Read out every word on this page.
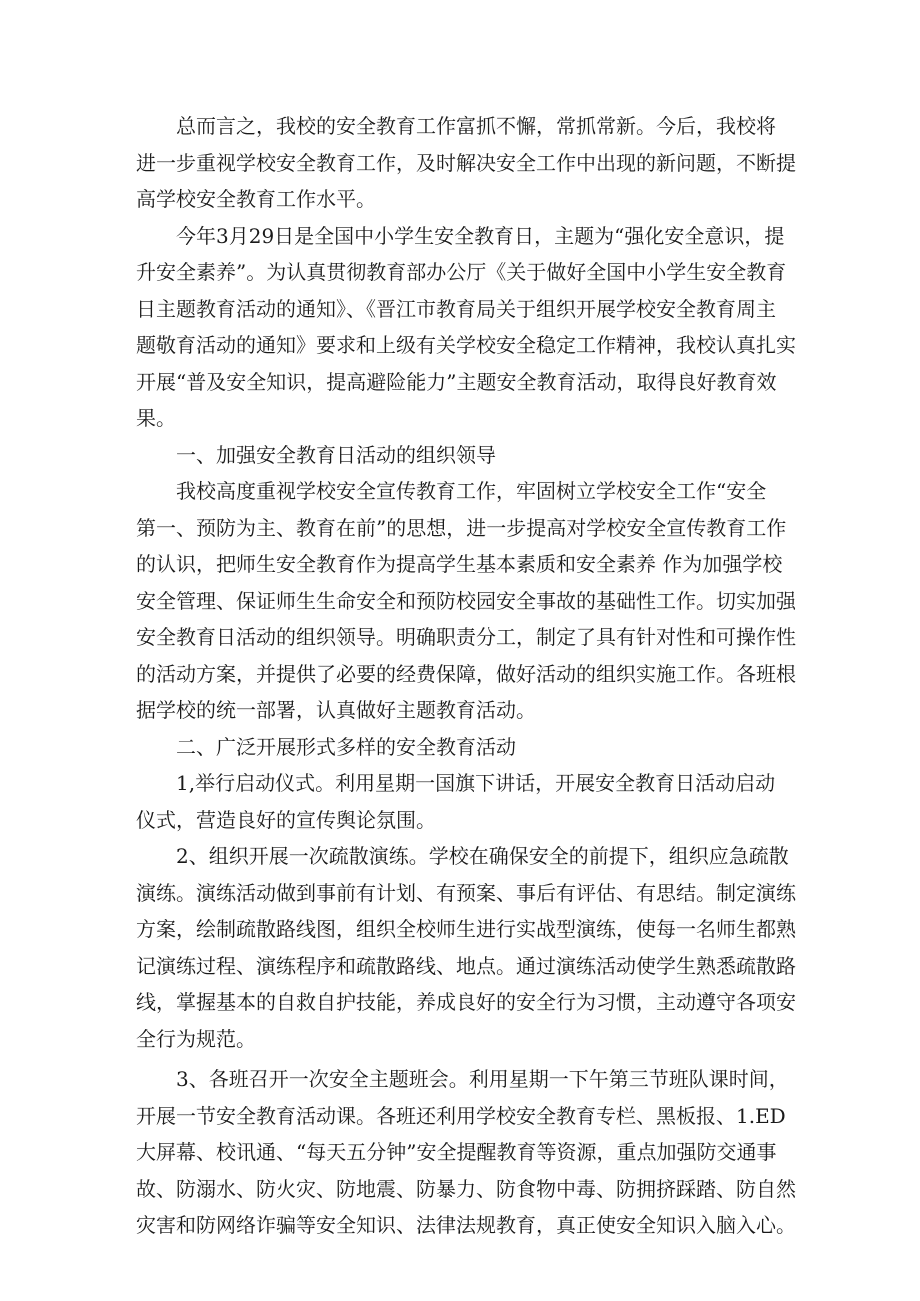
总而言之，我校的安全教育工作富抓不懈，常抓常新。今后，我校将
进一步重视学校安全教育工作，及时解决安全工作中出现的新问题，不断提
高学校安全教育工作水平。
今年3月29日是全国中小学生安全教育日，主题为“强化安全意识，提
升安全素养”。为认真贯彻教育部办公厅《关于做好全国中小学生安全教育
日主题教育活动的通知》、《晋江市教育局关于组织开展学校安全教育周主
题敬育活动的通知》要求和上级有关学校安全稳定工作精神，我校认真扎实
开展“普及安全知识，提高避险能力”主题安全教育活动，取得良好教育效
果。
一、加强安全教育日活动的组织领导
我校高度重视学校安全宣传教育工作，牢固树立学校安全工作“安全
第一、预防为主、教育在前”的思想，进一步提高对学校安全宣传教育工作
的认识，把师生安全教育作为提高学生基本素质和安全素养 作为加强学校
安全管理、保证师生生命安全和预防校园安全事故的基础性工作。切实加强
安全教育日活动的组织领导。明确职责分工，制定了具有针对性和可操作性
的活动方案，并提供了必要的经费保障，做好活动的组织实施工作。各班根
据学校的统一部署，认真做好主题教育活动。
二、广泛开展形式多样的安全教育活动
1,举行启动仪式。利用星期一国旗下讲话，开展安全教育日活动启动
仪式，营造良好的宣传舆论氛围。
2、组织开展一次疏散演练。学校在确保安全的前提下，组织应急疏散
演练。演练活动做到事前有计划、有预案、事后有评估、有思结。制定演练
方案，绘制疏散路线图，组织全校师生进行实战型演练，使每一名师生都熟
记演练过程、演练程序和疏散路线、地点。通过演练活动使学生熟悉疏散路
线，掌握基本的自救自护技能，养成良好的安全行为习惯，主动遵守各项安
全行为规范。
3、各班召开一次安全主题班会。利用星期一下午第三节班队课时间，
开展一节安全教育活动课。各班还利用学校安全教育专栏、黑板报、1.ED
大屏幕、校讯通、“每天五分钟”安全提醒教育等资源，重点加强防交通事
故、防溺水、防火灾、防地震、防暴力、防食物中毒、防拥挤踩踏、防自然
灾害和防网络诈骗等安全知识、法律法规教育，真正使安全知识入脑入心。
